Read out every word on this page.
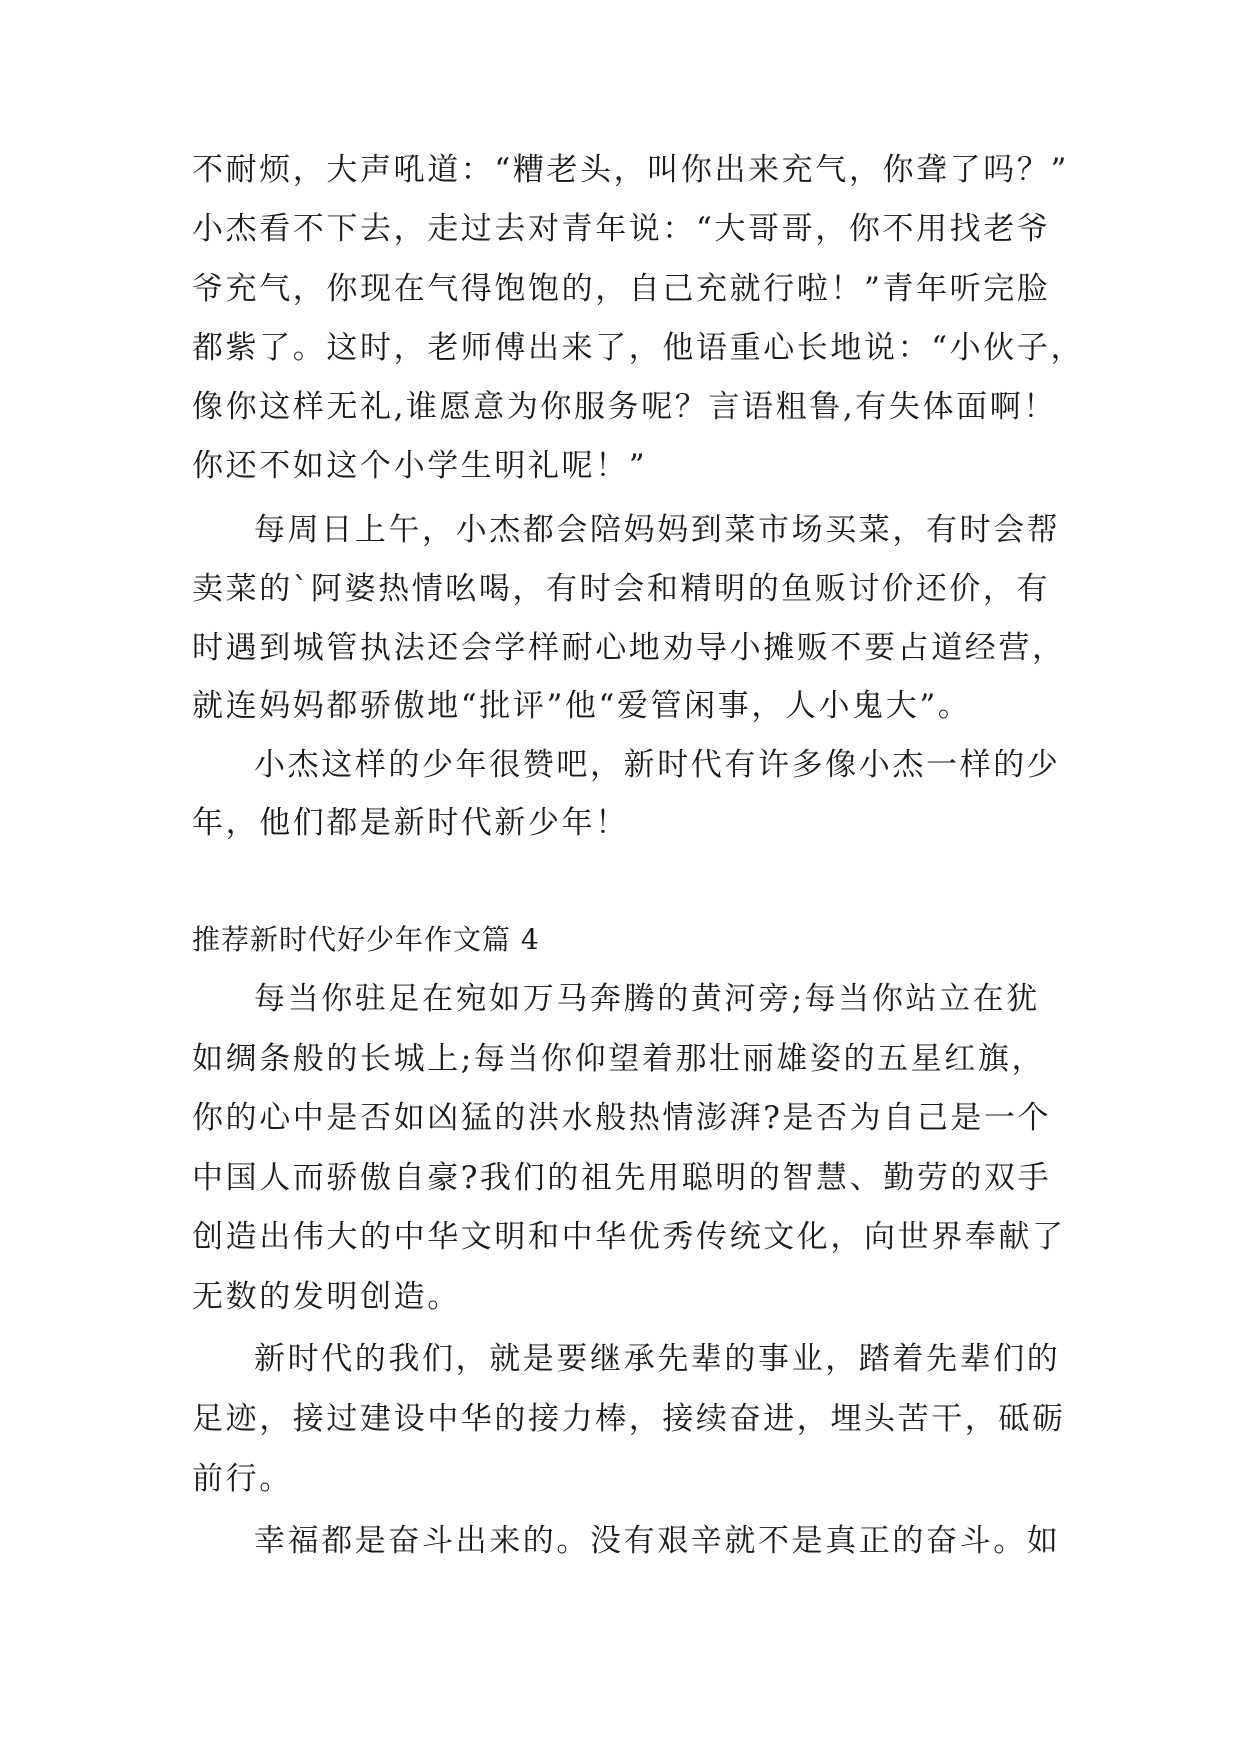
不耐烦，大声吼道：“糟老头，叫你出来充气，你聋了吗？”
小杰看不下去，走过去对青年说：“大哥哥，你不用找老爷
爷充气，你现在气得饱饱的，自己充就行啦！”青年听完脸
都紫了。这时，老师傅出来了，他语重心长地说：“小伙子，
像你这样无礼,谁愿意为你服务呢？言语粗鲁,有失体面啊！
你还不如这个小学生明礼呢！”
每周日上午，小杰都会陪妈妈到菜市场买菜，有时会帮
卖菜的`阿婆热情吆喝，有时会和精明的鱼贩讨价还价，有
时遇到城管执法还会学样耐心地劝导小摊贩不要占道经营，
就连妈妈都骄傲地“批评”他“爱管闲事，人小鬼大”。
小杰这样的少年很赞吧，新时代有许多像小杰一样的少
年，他们都是新时代新少年！
推荐新时代好少年作文篇 4
每当你驻足在宛如万马奔腾的黄河旁;每当你站立在犹
如绸条般的长城上;每当你仰望着那壮丽雄姿的五星红旗，
你的心中是否如凶猛的洪水般热情澎湃?是否为自己是一个
中国人而骄傲自豪?我们的祖先用聪明的智慧、勤劳的双手
创造出伟大的中华文明和中华优秀传统文化，向世界奉献了
无数的发明创造。
新时代的我们，就是要继承先辈的事业，踏着先辈们的
足迹，接过建设中华的接力棒，接续奋进，埋头苦干，砥砺
前行。
幸福都是奋斗出来的。没有艰辛就不是真正的奋斗。如
